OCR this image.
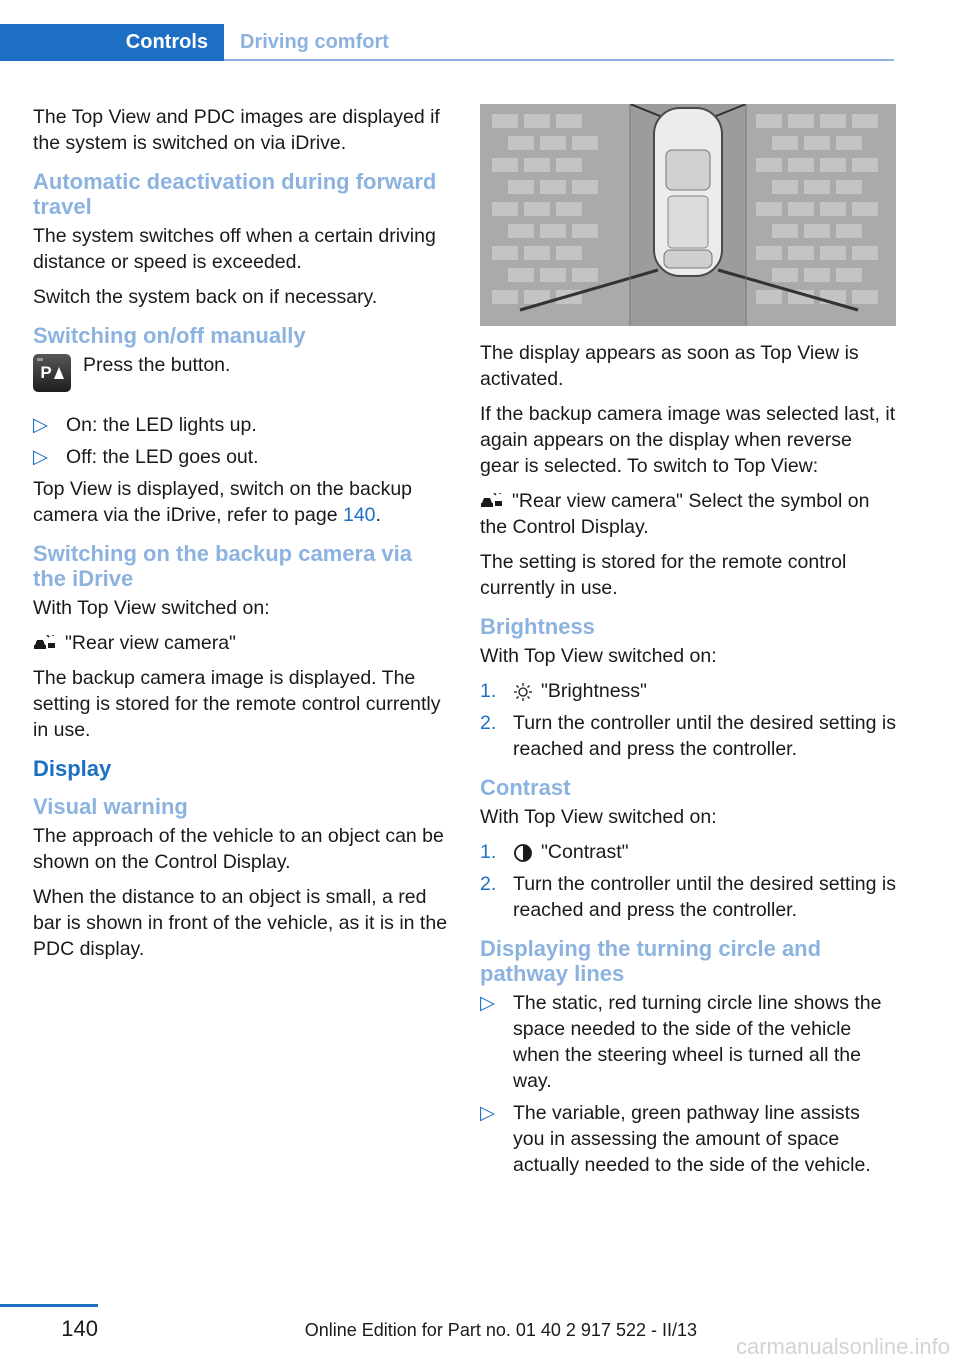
Controls	Driving comfort

The Top View and PDC images are displayed if the system is switched on via iDrive.

Automatic deactivation during forward travel

The system switches off when a certain driving distance or speed is exceeded.

Switch the system back on if necessary.

Switching on/off manually
P	Press the button.

▷ On: the LED lights up.
▷ Off: the LED goes out.

Top View is displayed, switch on the backup camera via the iDrive, refer to page 140.

Switching on the backup camera via the iDrive

With Top View switched on:

"Rear view camera"

The backup camera image is displayed. The setting is stored for the remote control currently in use.

Display
Visual warning

The approach of the vehicle to an object can be shown on the Control Display.

When the distance to an object is small, a red bar is shown in front of the vehicle, as it is in the PDC display.

The display appears as soon as Top View is activated.

If the backup camera image was selected last, it again appears on the display when reverse gear is selected. To switch to Top View:

"Rear view camera" Select the symbol on the Control Display.

The setting is stored for the remote control currently in use.

Brightness

With Top View switched on:

1. "Brightness"
2. Turn the controller until the desired setting is reached and press the controller.
Contrast

With Top View switched on:

1. "Contrast"
2. Turn the controller until the desired setting is reached and press the controller.
Displaying the turning circle and pathway lines
▷ The static, red turning circle line shows the space needed to the side of the vehicle when the steering wheel is turned all the way.
▷ The variable, green pathway line assists you in assessing the amount of space actually needed to the side of the vehicle.
140	Online Edition for Part no. 01 40 2 917 522 - II/13
carmanualsonline.info
